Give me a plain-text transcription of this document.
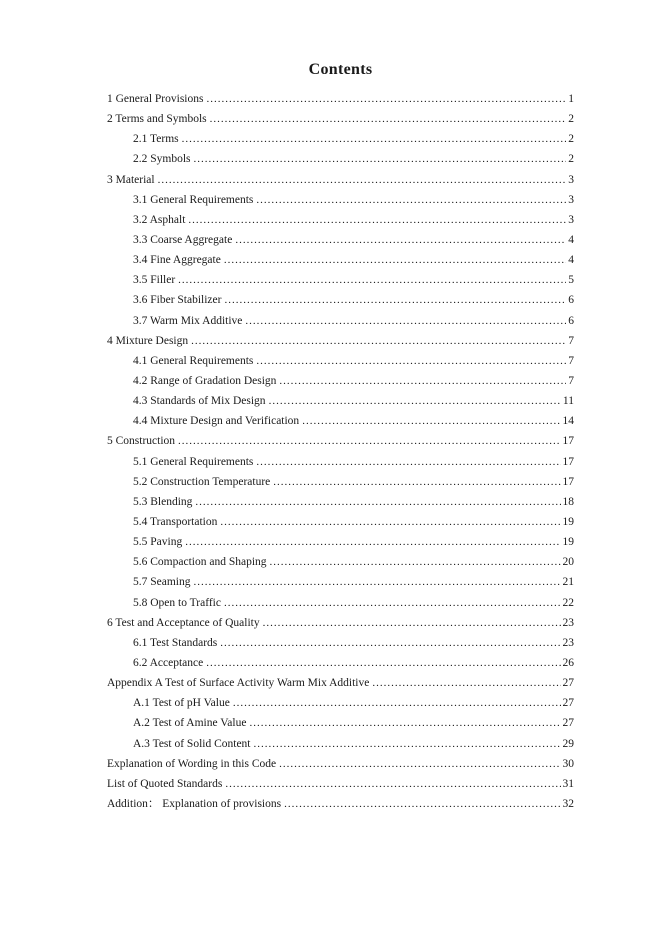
Contents
1 General Provisions .....	1
2 Terms and Symbols .....	2
2.1 Terms .....	2
2.2 Symbols .....	2
3 Material .....	3
3.1 General Requirements .....	3
3.2 Asphalt .....	3
3.3 Coarse Aggregate .....	4
3.4 Fine Aggregate .....	4
3.5 Filler .....	5
3.6 Fiber Stabilizer .....	6
3.7 Warm Mix Additive .....	6
4 Mixture Design .....	7
4.1 General Requirements .....	7
4.2 Range of Gradation Design .....	7
4.3 Standards of Mix Design .....	11
4.4 Mixture Design and Verification .....	14
5 Construction .....	17
5.1 General Requirements .....	17
5.2 Construction Temperature .....	17
5.3 Blending .....	18
5.4 Transportation .....	19
5.5 Paving .....	19
5.6 Compaction and Shaping .....	20
5.7 Seaming .....	21
5.8 Open to Traffic .....	22
6 Test and Acceptance of Quality .....	23
6.1 Test Standards .....	23
6.2 Acceptance .....	26
Appendix A Test of Surface Activity Warm Mix Additive .....	27
A.1 Test of pH Value .....	27
A.2 Test of Amine Value .....	27
A.3 Test of Solid Content .....	29
Explanation of Wording in this Code .....	30
List of Quoted Standards .....	31
Addition： Explanation of provisions .....	32
